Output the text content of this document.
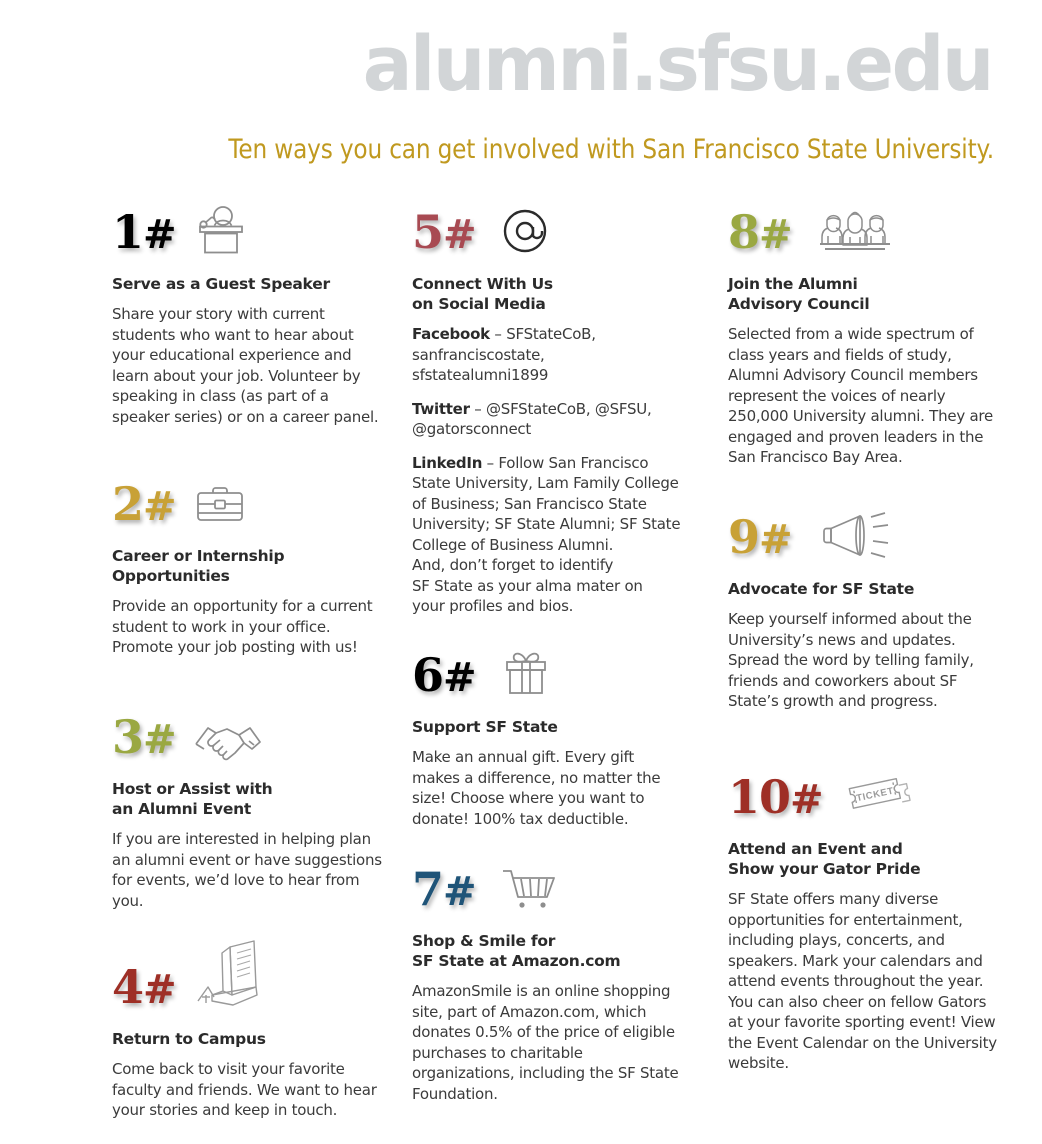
alumni.sfsu.edu
Ten ways you can get involved with San Francisco State University.
1#
Serve as a Guest Speaker

Share your story with current students who want to hear about your educational experience and learn about your job. Volunteer by speaking in class (as part of a speaker series) or on a career panel.

2#
Career or Internship
Opportunities

Provide an opportunity for a current student to work in your office. Promote your job posting with us!

3#
Host or Assist with
an Alumni Event

If you are interested in helping plan an alumni event or have suggestions for events, we’d love to hear from you.

4#
Return to Campus

Come back to visit your favorite faculty and friends. We want to hear your stories and keep in touch.

5#
Connect With Us
on Social Media

Facebook – SFStateCoB, sanfranciscostate, sfstatealumni1899

Twitter – @SFStateCoB, @SFSU, @gatorsconnect

LinkedIn – Follow San Francisco State University, Lam Family College of Business; San Francisco State University; SF State Alumni; SF State College of Business Alumni.

And, don’t forget to identify
SF State as your alma mater on
your profiles and bios.

6#
Support SF State

Make an annual gift. Every gift makes a difference, no matter the size! Choose where you want to donate! 100% tax deductible.

7#
Shop & Smile for
SF State at Amazon.com

AmazonSmile is an online shopping site, part of Amazon.com, which donates 0.5% of the price of eligible purchases to charitable organizations, including the SF State Foundation.

8#
Join the Alumni
Advisory Council

Selected from a wide spectrum of class years and fields of study, Alumni Advisory Council members represent the voices of nearly 250,000 University alumni. They are engaged and proven leaders in the San Francisco Bay Area.

9#
Advocate for SF State

Keep yourself informed about the University’s news and updates. Spread the word by telling family, friends and coworkers about SF State’s growth and progress.

10#	TICKET
Attend an Event and
Show your Gator Pride

SF State offers many diverse opportunities for entertainment, including plays, concerts, and speakers. Mark your calendars and attend events throughout the year. You can also cheer on fellow Gators at your favorite sporting event! View the Event Calendar on the University website.
